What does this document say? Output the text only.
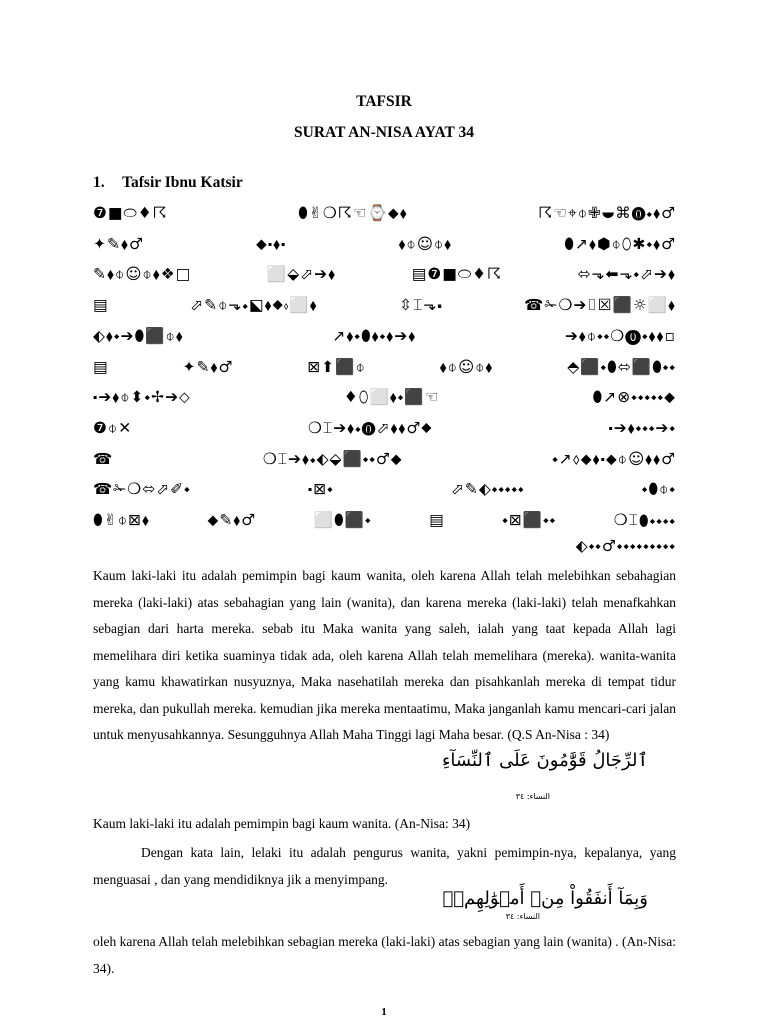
TAFSIR
SURAT AN-NISA AYAT 34
1. Tafsir Ibnu Katsir
❼■⬭♦☈	⬮✌❍☈☜⌚⬥⬧	☈☜⌖⌽✙⯋⌘⓿⬩⬧♂
✦✎⬧♂	⬥⬝⬧⬝	⬧⌽☺⌽⬧	⬮↗⬧⬢⌽⬯✱⬩⬧♂
✎⬧⌽☺⌽⬧❖□	⬜⬙⬀➔⬧	▤❼■⬭♦☈	⬄⬎⬅⬎⬩⬀➔⬧
▤	⬀✎⌽⬎⬩⬕⬧⬥⬫⬜⬧	⇳⌶⬎⬝	☎✁❍➔⌷☒⬛☼⬜⬧
⬖⬧⬩➔⬮⬛⌽⬧	↗⬧⬩⬮⬧⬩⬧➔⬧	➔⬧⌽⬩⬩❍⓿⬩⬧⬧▫
▤	✦✎⬧♂	⊠⬆⬛⌽	⬧⌽☺⌽⬧	⬘⬛⬩⬮⬄⬛⬮⬩⬩
⬝➔⬧⌽⬍⬩✢➔⬦	♦⬯⬜⬧⬩⬛☜	⬮↗⊗⬩⬩⬩⬩⬩⬥
❼⌽✕	❍⌶➔⬧⬩⓿⬀⬧⬧♂⬥	⬝➔⬧⬩⬩⬩➔⬩
☎	❍⌶➔⬧⬩⬖⬙⬛⬩⬩♂⬥	⬩↗⬨⬥⬧⬝⬥⌽☺⬧⬧♂
☎✁❍⬄⬀✐⬩	⬝⊠⬩	⬀✎⬖⬩⬩⬩⬩⬩	⬩⬮⌽⬩
⬮✌⌽⊠⬧	⬥✎⬧♂	⬜⬮⬛⬩	▤	⬩⊠⬛⬩⬩	❍⌶⬮⬩⬩⬩⬩
⬖⬩⬩♂⬩⬩⬩⬩⬩⬩⬩⬩⬩

Kaum laki-laki itu adalah pemimpin bagi kaum wanita, oleh karena Allah telah melebihkan sebahagian mereka (laki-laki) atas sebahagian yang lain (wanita), dan karena mereka (laki-laki) telah menafkahkan sebagian dari harta mereka. sebab itu Maka wanita yang saleh, ialah yang taat kepada Allah lagi memelihara diri ketika suaminya tidak ada, oleh karena Allah telah memelihara (mereka). wanita-wanita yang kamu khawatirkan nusyuznya, Maka nasehatilah mereka dan pisahkanlah mereka di tempat tidur mereka, dan pukullah mereka. kemudian jika mereka mentaatimu, Maka janganlah kamu mencari-cari jalan untuk menyusahkannya. Sesungguhnya Allah Maha Tinggi lagi Maha besar. (Q.S An-Nisa : 34)

ٱلرِّجَالُ قَوَّٰمُونَ عَلَى ٱلنِّسَآءِ
النساء: ٣٤

Kaum laki-laki itu adalah pemimpin bagi kaum wanita. (An-Nisa: 34)

Dengan kata lain, lelaki itu adalah pengurus wanita, yakni pemimpin-nya, kepalanya, yang menguasai , dan yang mendidiknya jik a menyimpang.

وَبِمَآ أَنفَقُواْ مِنۡ أَمۡوَٰلِهِمۡۚ
النساء: ٣٤

oleh karena Allah telah melebihkan sebagian mereka (laki-laki) atas sebagian yang lain (wanita) . (An-Nisa: 34).

1
